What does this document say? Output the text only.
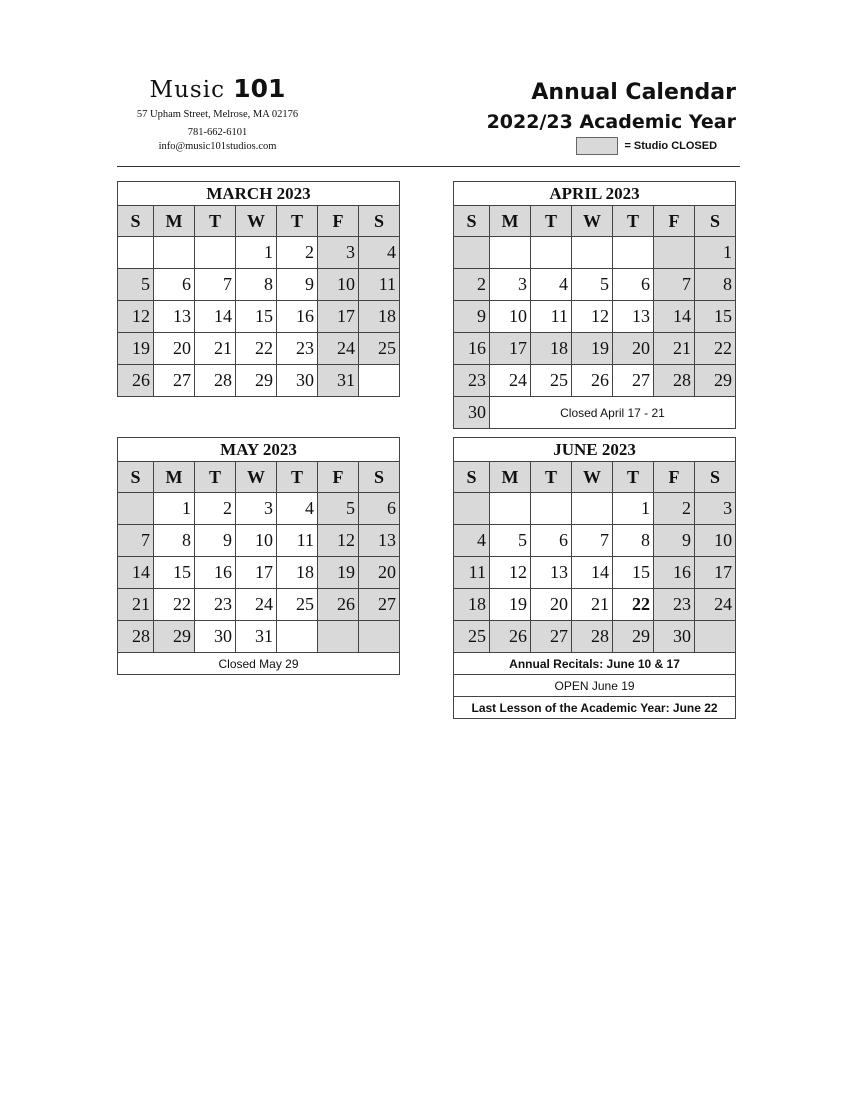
Music 101
57 Upham Street, Melrose, MA 02176
781-662-6101
info@music101studios.com
Annual Calendar
2022/23 Academic Year
= Studio CLOSED
MARCH 2023						
S	M	T	W	T	F	S
			1	2	3	4
5	6	7	8	9	10	11
12	13	14	15	16	17	18
19	20	21	22	23	24	25
26	27	28	29	30	31	
APRIL 2023						
S	M	T	W	T	F	S
						1
2	3	4	5	6	7	8
9	10	11	12	13	14	15
16	17	18	19	20	21	22
23	24	25	26	27	28	29
30	Closed April 17 - 21					
MAY 2023						
S	M	T	W	T	F	S
	1	2	3	4	5	6
7	8	9	10	11	12	13
14	15	16	17	18	19	20
21	22	23	24	25	26	27
28	29	30	31			
Closed May 29						
JUNE 2023						
S	M	T	W	T	F	S
				1	2	3
4	5	6	7	8	9	10
11	12	13	14	15	16	17
18	19	20	21	22	23	24
25	26	27	28	29	30	
Annual Recitals: June 10 & 17						
OPEN June 19						
Last Lesson of the Academic Year: June 22						
